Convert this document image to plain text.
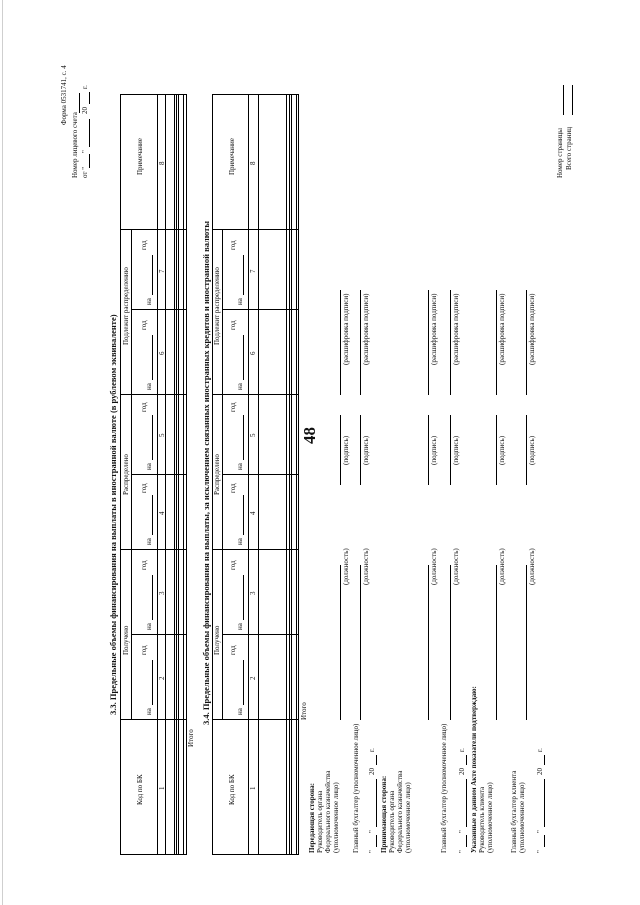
48
Форма 0531741, с. 4
Номер лицевого счета от "
"
20
г.
3.3. Предельные объемы финансирования на выплаты в иностранной валюте (в рублевом эквиваленте)
Код по БК
Получено
Распределено
Подлежит распределению
Примечание
на
год
на
год
на
год
на
год
на
год
на
год
1
2
3
4
5
6
7
8
Итого
3.4. Предельные объемы финансирования на выплаты, за исключением связанных иностранных кредитов и иностранной валюты
Код по БК
Получено
Распределено
Подлежит распределению
Примечание
на
год
на
год
на
год
на
год
на
год
на
год
1
2
3
4
5
6
7
8
Итого
Передающая сторона: Руководитель органа Федерального казначейства (уполномоченное лицо)
(должность)
(подпись)
(расшифровка подписи)
Главный бухгалтер (уполномоченное лицо)
(должность)
(подпись)
(расшифровка подписи)
"
"
20
г.
Принимающая сторона: Руководитель органа Федерального казначейства (уполномоченное лицо)
(должность)
(подпись)
(расшифровка подписи)
Главный бухгалтер (уполномоченное лицо)
(должность)
(подпись)
(расшифровка подписи)
"
"
20
г. Указанные в данном Акте показатели подтверждаю: Руководитель клиента (уполномоченное лицо)
(должность)
(подпись)
(расшифровка подписи)
Главный бухгалтер клиента (уполномоченное лицо)
(должность)
(подпись)
(расшифровка подписи)
"
"
20
г.
Номер страницы Всего страниц
